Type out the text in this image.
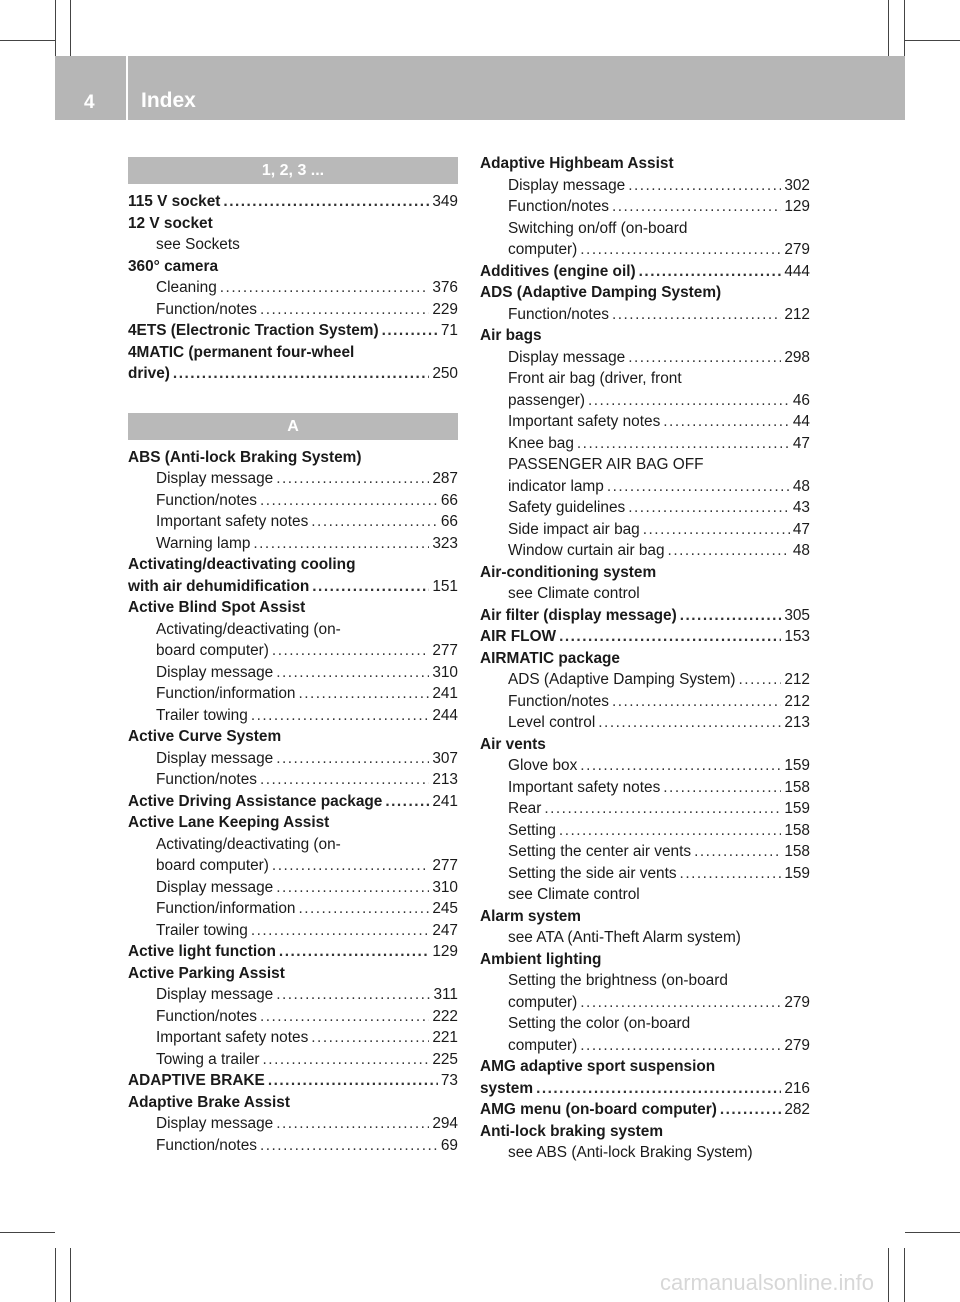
4 Index
1, 2, 3 ...
115 V socket .....	349
12 V socket
see Sockets
360° camera
Cleaning .....	376
Function/notes .....	229
4ETS (Electronic Traction System) .....	71
4MATIC (permanent four-wheel
drive) .....	250
A
ABS (Anti-lock Braking System)
Display message .....	287
Function/notes .....	66
Important safety notes .....	66
Warning lamp .....	323
Activating/deactivating cooling
with air dehumidification .....	151
Active Blind Spot Assist
Activating/deactivating (on-
board computer) .....	277
Display message .....	310
Function/information .....	241
Trailer towing .....	244
Active Curve System
Display message .....	307
Function/notes .....	213
Active Driving Assistance package .....	241
Active Lane Keeping Assist
Activating/deactivating (on-
board computer) .....	277
Display message .....	310
Function/information .....	245
Trailer towing .....	247
Active light function .....	129
Active Parking Assist
Display message .....	311
Function/notes .....	222
Important safety notes .....	221
Towing a trailer .....	225
ADAPTIVE BRAKE .....	73
Adaptive Brake Assist
Display message .....	294
Function/notes .....	69
Adaptive Highbeam Assist
Display message .....	302
Function/notes .....	129
Switching on/off (on-board
computer) .....	279
Additives (engine oil) .....	444
ADS (Adaptive Damping System)
Function/notes .....	212
Air bags
Display message .....	298
Front air bag (driver, front
passenger) .....	46
Important safety notes .....	44
Knee bag .....	47
PASSENGER AIR BAG OFF
indicator lamp .....	48
Safety guidelines .....	43
Side impact air bag .....	47
Window curtain air bag .....	48
Air-conditioning system
see Climate control
Air filter (display message) .....	305
AIR FLOW .....	153
AIRMATIC package
ADS (Adaptive Damping System) .....	212
Function/notes .....	212
Level control .....	213
Air vents
Glove box .....	159
Important safety notes .....	158
Rear .....	159
Setting .....	158
Setting the center air vents .....	158
Setting the side air vents .....	159
see Climate control
Alarm system
see ATA (Anti-Theft Alarm system)
Ambient lighting
Setting the brightness (on-board
computer) .....	279
Setting the color (on-board
computer) .....	279
AMG adaptive sport suspension
system .....	216
AMG menu (on-board computer) .....	282
Anti-lock braking system
see ABS (Anti-lock Braking System)
carmanualsonline.info
